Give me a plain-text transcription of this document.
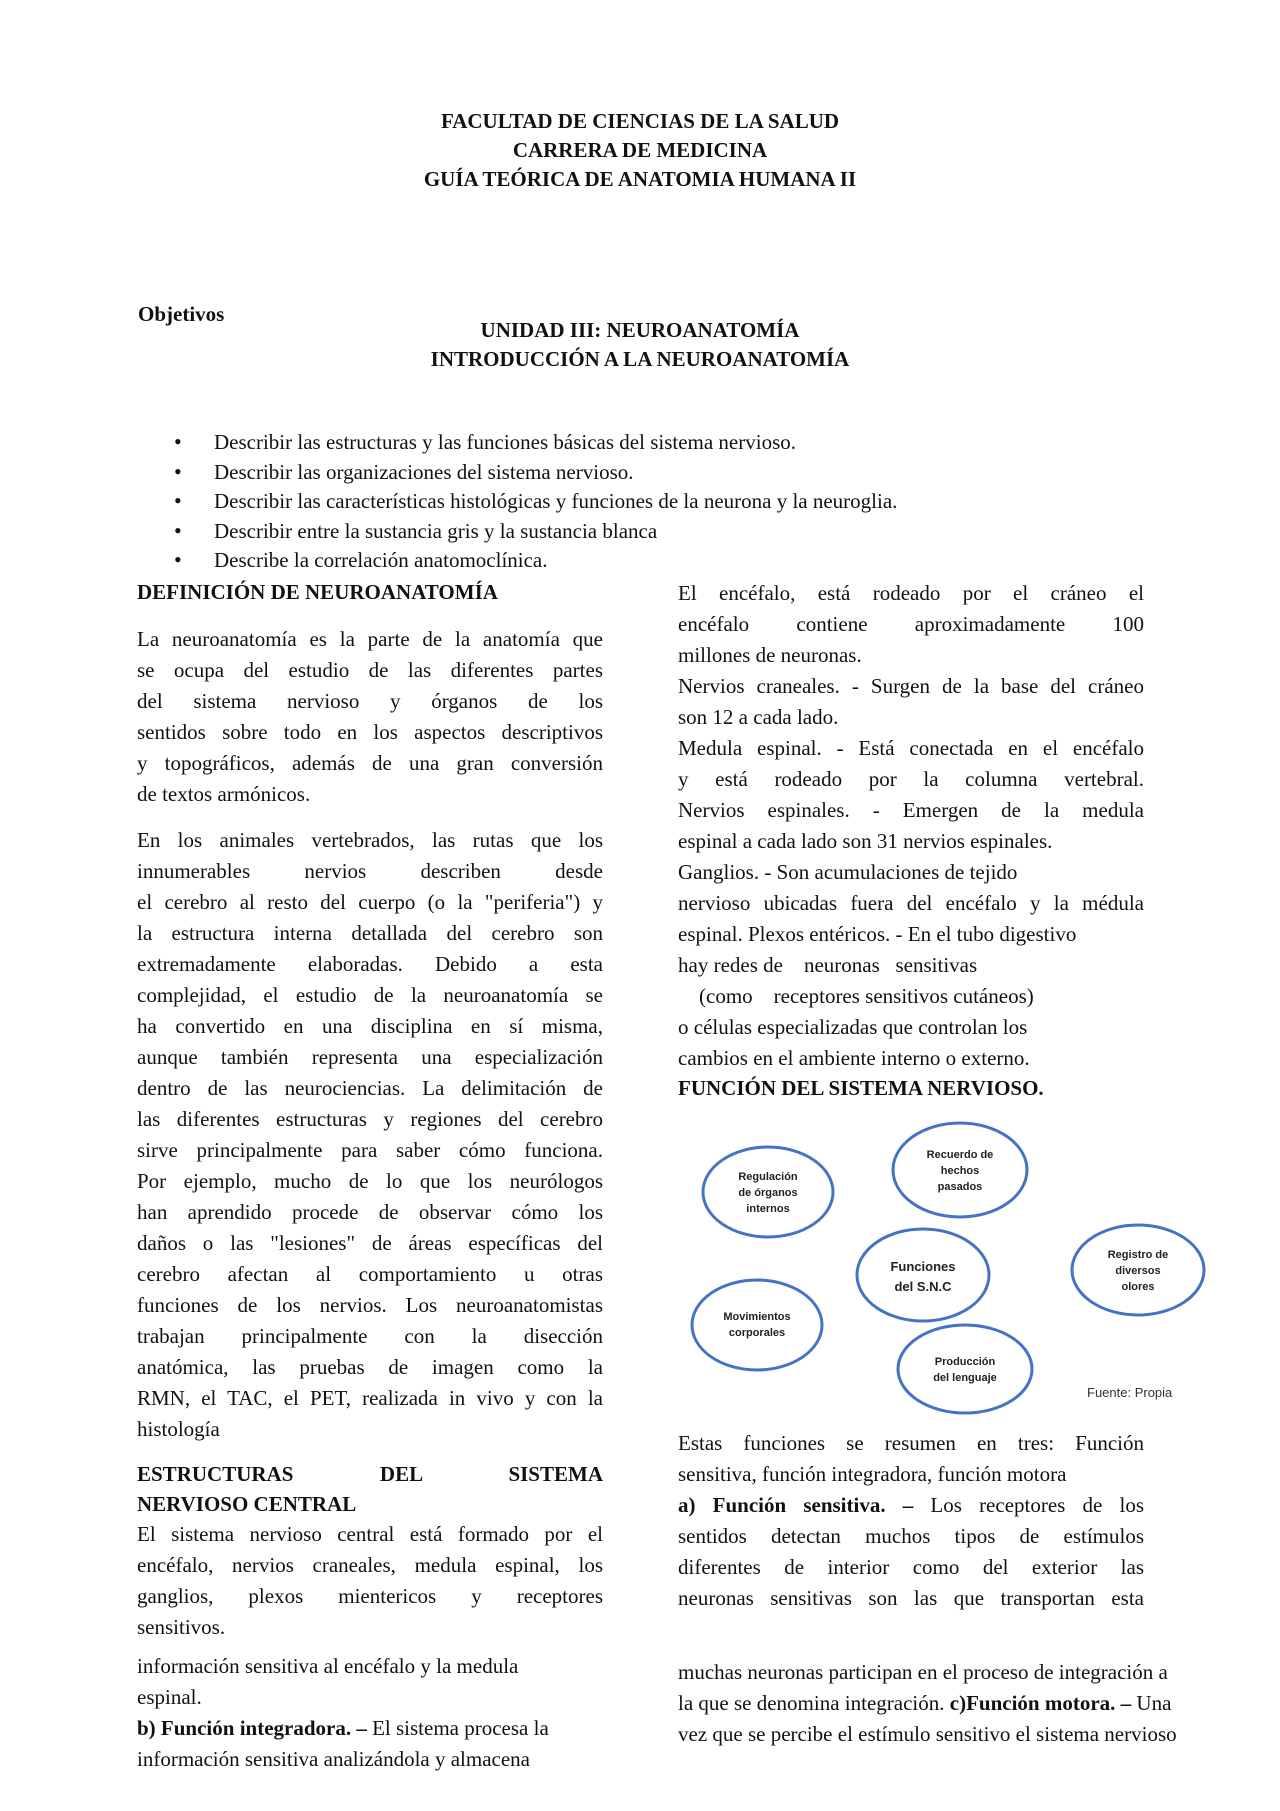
FACULTAD DE CIENCIAS DE LA SALUD
CARRERA DE MEDICINA
GUÍA TEÓRICA DE ANATOMIA HUMANA II
Objetivos
UNIDAD III: NEUROANATOMÍA
INTRODUCCIÓN A LA NEUROANATOMÍA
• Describir las estructuras y las funciones básicas del sistema nervioso.
• Describir las organizaciones del sistema nervioso.
• Describir las características histológicas y funciones de la neurona y la neuroglia.
• Describir entre la sustancia gris y la sustancia blanca
• Describe la correlación anatomoclínica.
DEFINICIÓN DE NEUROANATOMÍA
La neuroanatomía es la parte de la anatomía que
se ocupa del estudio de las diferentes partes
del sistema nervioso y órganos de los
sentidos sobre todo en los aspectos descriptivos
y topográficos, además de una gran conversión
de textos armónicos.
En los animales vertebrados, las rutas que los
innumerables nervios describen desde
el cerebro al resto del cuerpo (o la "periferia") y
la estructura interna detallada del cerebro son
extremadamente elaboradas. Debido a esta
complejidad, el estudio de la neuroanatomía se
ha convertido en una disciplina en sí misma,
aunque también representa una especialización
dentro de las neurociencias. La delimitación de
las diferentes estructuras y regiones del cerebro
sirve principalmente para saber cómo funciona.
Por ejemplo, mucho de lo que los neurólogos
han aprendido procede de observar cómo los
daños o las "lesiones" de áreas específicas del
cerebro afectan al comportamiento u otras
funciones de los nervios. Los neuroanatomistas
trabajan principalmente con la disección
anatómica, las pruebas de imagen como la
RMN, el TAC, el PET, realizada in vivo y con la
histología
ESTRUCTURAS DEL SISTEMA
NERVIOSO CENTRAL
El sistema nervioso central está formado por el
encéfalo, nervios craneales, medula espinal, los
ganglios, plexos mientericos y receptores
sensitivos.
información sensitiva al encéfalo y la medula
espinal.
b) Función integradora. – El sistema procesa la
información sensitiva analizándola y almacena
El encéfalo, está rodeado por el cráneo el
encéfalo contiene aproximadamente 100
millones de neuronas.
Nervios craneales. - Surgen de la base del cráneo
son 12 a cada lado.
Medula espinal. - Está conectada en el encéfalo
y está rodeado por la columna vertebral.
Nervios espinales. - Emergen de la medula
espinal a cada lado son 31 nervios espinales.
Ganglios. - Son acumulaciones de tejido
nervioso ubicadas fuera del encéfalo y la médula
espinal. Plexos entéricos. - En el tubo digestivo
hay redes de    neuronas   sensitivas
(como    receptores sensitivos cutáneos)
o células especializadas que controlan los
cambios en el ambiente interno o externo.
FUNCIÓN DEL SISTEMA NERVIOSO.
Regulación
de órganos
internos
Recuerdo de
hechos
pasados
Funciones
del S.N.C
Registro de
diversos
olores
Movimientos
corporales
Producción
del lenguaje
Fuente: Propia
Estas funciones se resumen en tres: Función
sensitiva, función integradora, función motora
a) Función sensitiva. – Los receptores de los
sentidos detectan muchos tipos de estímulos
diferentes de interior como del exterior las
neuronas sensitivas son las que transportan esta
muchas neuronas participan en el proceso de integración a
la que se denomina integración. c)Función motora. – Una
vez que se percibe el estímulo sensitivo el sistema nervioso
